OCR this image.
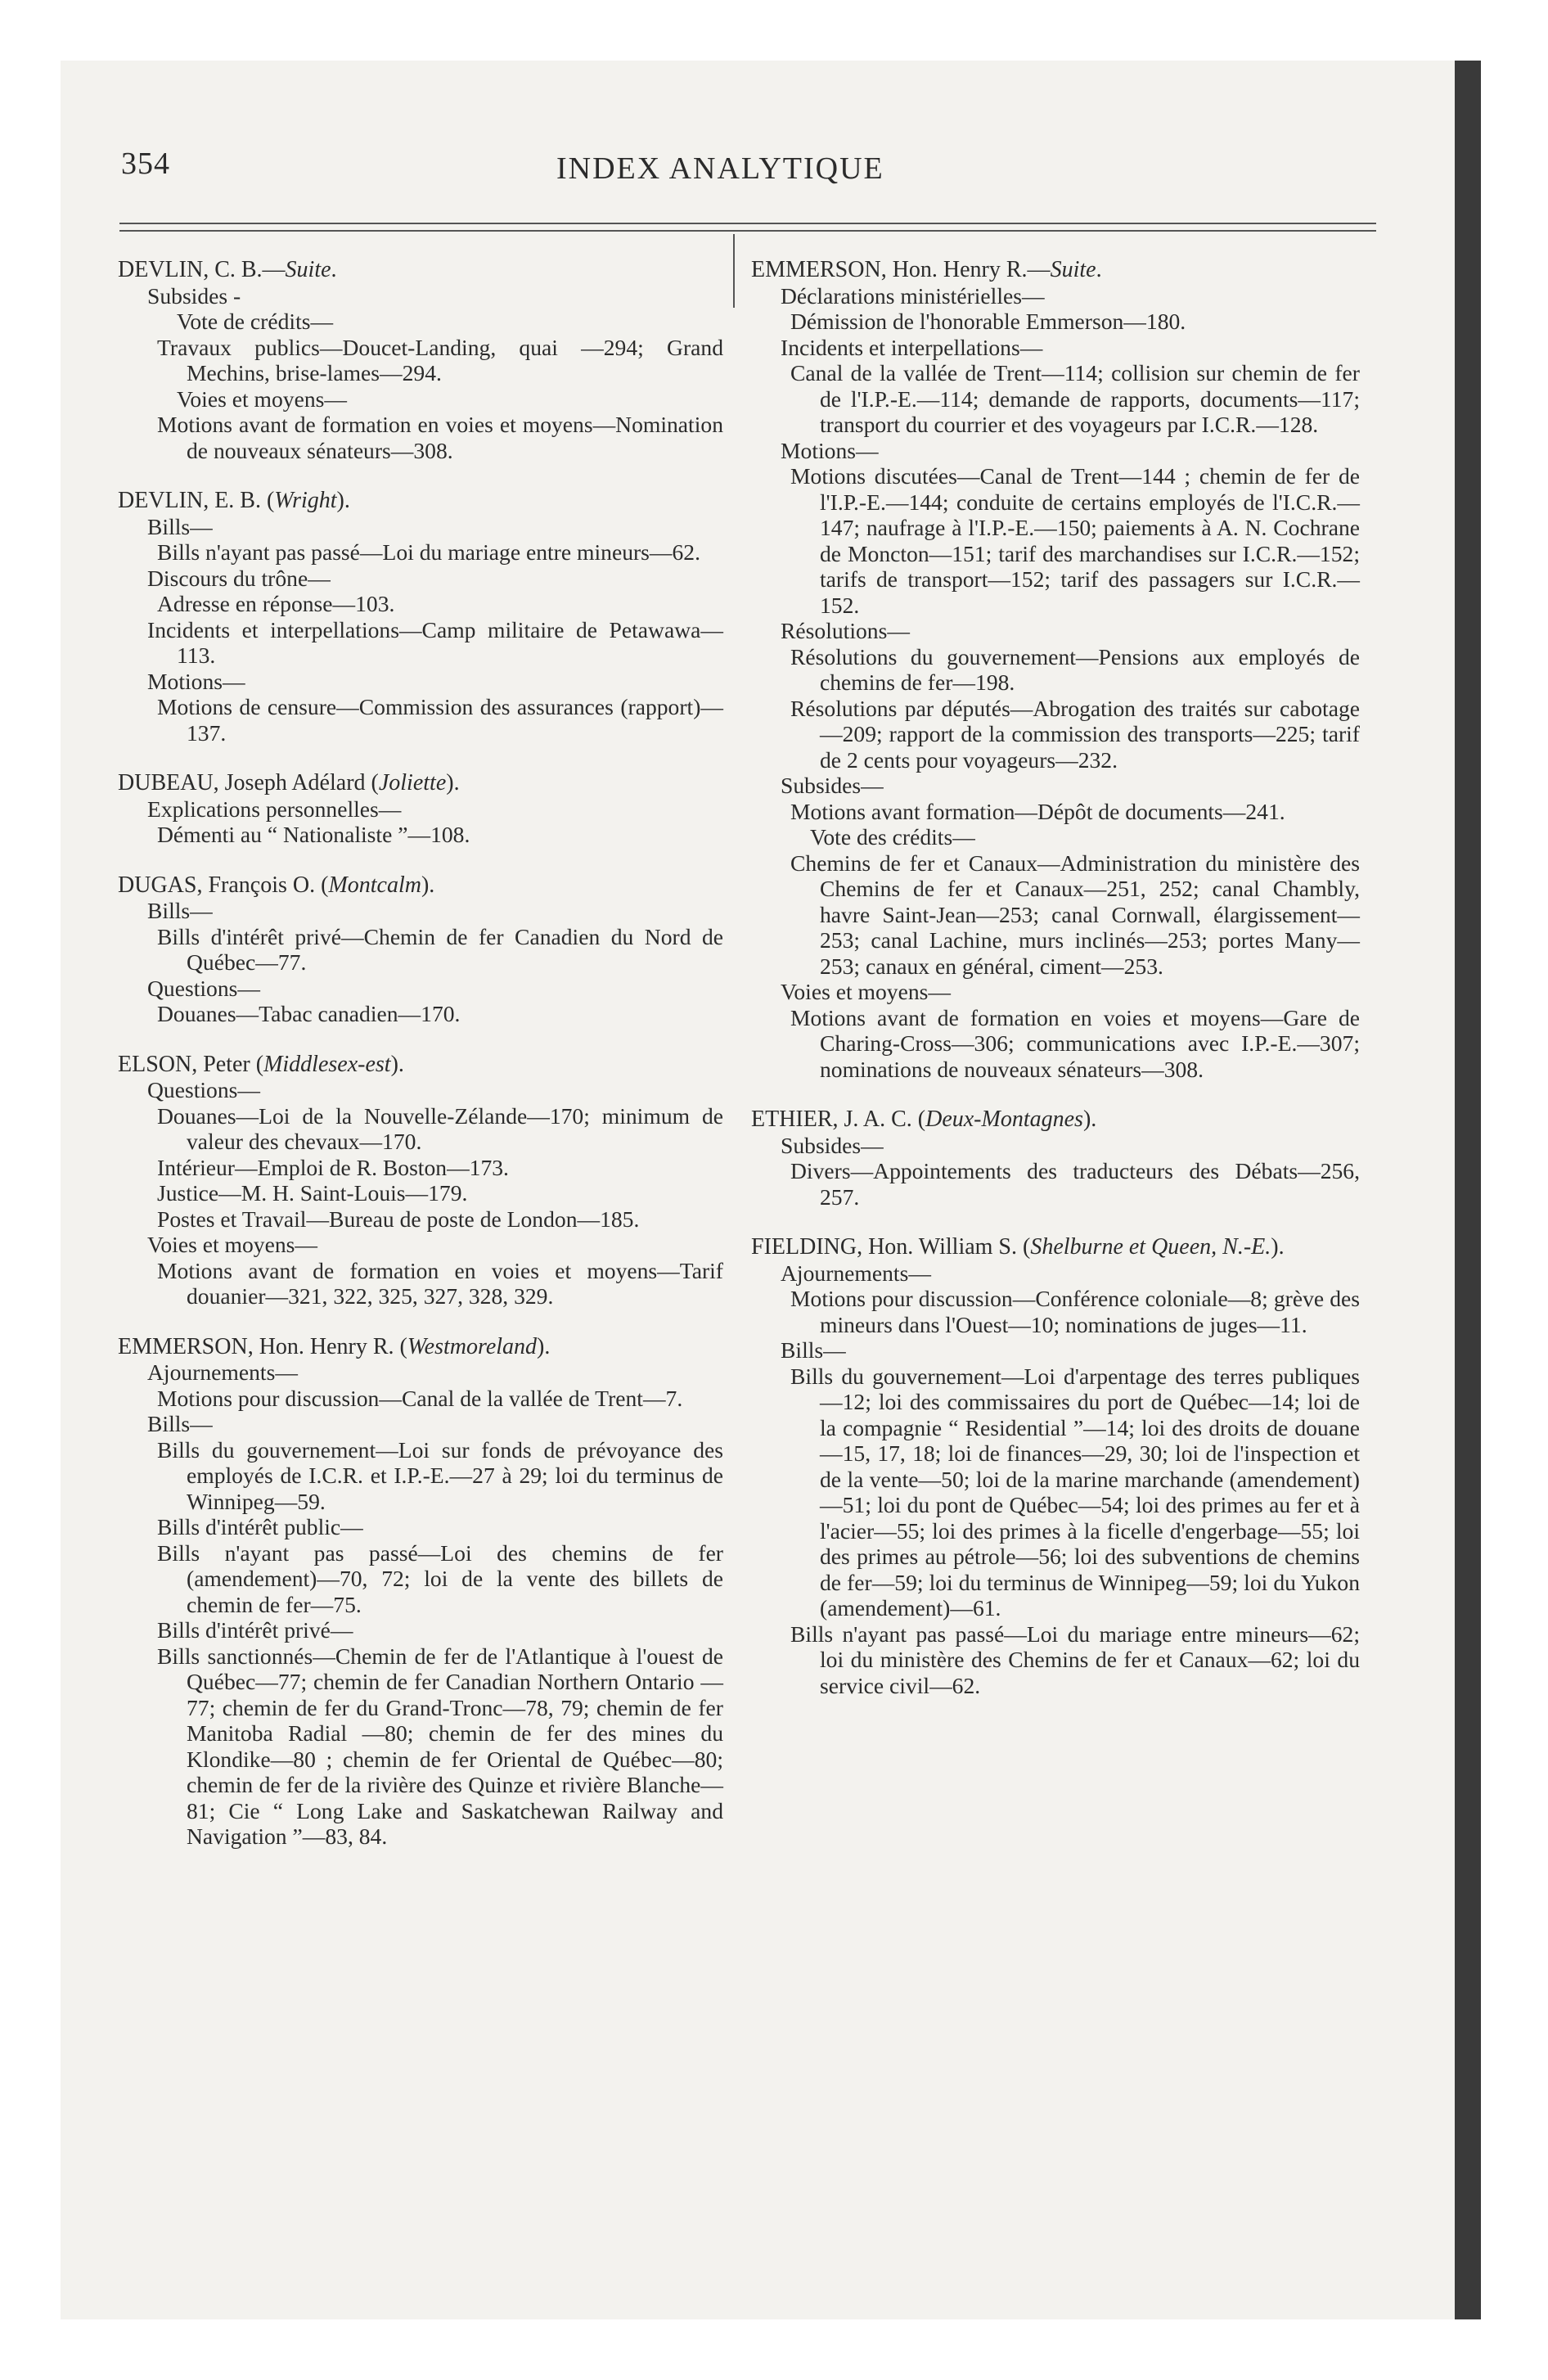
354	INDEX ANALYTIQUE
DEVLIN, C. B.—Suite.
Subsides -
Vote de crédits—
Travaux publics—Doucet-Landing, quai —294; Grand Mechins, brise-lames—294.
Voies et moyens—
Motions avant de formation en voies et moyens—Nomination de nouveaux sénateurs—308.
DEVLIN, E. B. (Wright).
Bills—
Bills n'ayant pas passé—Loi du mariage entre mineurs—62.
Discours du trône—
Adresse en réponse—103.
Incidents et interpellations—Camp militaire de Petawawa—113.
Motions—
Motions de censure—Commission des assurances (rapport)—137.
DUBEAU, Joseph Adélard (Joliette).
Explications personnelles—
Démenti au “ Nationaliste ”—108.
DUGAS, François O. (Montcalm).
Bills—
Bills d'intérêt privé—Chemin de fer Canadien du Nord de Québec—77.
Questions—
Douanes—Tabac canadien—170.
ELSON, Peter (Middlesex-est).
Questions—
Douanes—Loi de la Nouvelle-Zélande—170; minimum de valeur des chevaux—170.
Intérieur—Emploi de R. Boston—173.
Justice—M. H. Saint-Louis—179.
Postes et Travail—Bureau de poste de London—185.
Voies et moyens—
Motions avant de formation en voies et moyens—Tarif douanier—321, 322, 325, 327, 328, 329.
EMMERSON, Hon. Henry R. (Westmoreland).
Ajournements—
Motions pour discussion—Canal de la vallée de Trent—7.
Bills—
Bills du gouvernement—Loi sur fonds de prévoyance des employés de I.C.R. et I.P.-E.—27 à 29; loi du terminus de Winnipeg—59.
Bills d'intérêt public—
Bills n'ayant pas passé—Loi des chemins de fer (amendement)—70, 72; loi de la vente des billets de chemin de fer—75.
Bills d'intérêt privé—
Bills sanctionnés—Chemin de fer de l'Atlantique à l'ouest de Québec—77; chemin de fer Canadian Northern Ontario —77; chemin de fer du Grand-Tronc—78, 79; chemin de fer Manitoba Radial —80; chemin de fer des mines du Klondike—80 ; chemin de fer Oriental de Québec—80; chemin de fer de la rivière des Quinze et rivière Blanche—81; Cie “ Long Lake and Saskatchewan Railway and Navigation ”—83, 84.
EMMERSON, Hon. Henry R.—Suite.
Déclarations ministérielles—
Démission de l'honorable Emmerson—180.
Incidents et interpellations—
Canal de la vallée de Trent—114; collision sur chemin de fer de l'I.P.-E.—114; demande de rapports, documents—117; transport du courrier et des voyageurs par I.C.R.—128.
Motions—
Motions discutées—Canal de Trent—144 ; chemin de fer de l'I.P.-E.—144; conduite de certains employés de l'I.C.R.—147; naufrage à l'I.P.-E.—150; paiements à A. N. Cochrane de Moncton—151; tarif des marchandises sur I.C.R.—152; tarifs de transport—152; tarif des passagers sur I.C.R.—152.
Résolutions—
Résolutions du gouvernement—Pensions aux employés de chemins de fer—198.
Résolutions par députés—Abrogation des traités sur cabotage—209; rapport de la commission des transports—225; tarif de 2 cents pour voyageurs—232.
Subsides—
Motions avant formation—Dépôt de documents—241.
Vote des crédits—
Chemins de fer et Canaux—Administration du ministère des Chemins de fer et Canaux—251, 252; canal Chambly, havre Saint-Jean—253; canal Cornwall, élargissement—253; canal Lachine, murs inclinés—253; portes Many—253; canaux en général, ciment—253.
Voies et moyens—
Motions avant de formation en voies et moyens—Gare de Charing-Cross—306; communications avec I.P.-E.—307; nominations de nouveaux sénateurs—308.
ETHIER, J. A. C. (Deux-Montagnes).
Subsides—
Divers—Appointements des traducteurs des Débats—256, 257.
FIELDING, Hon. William S. (Shelburne et Queen, N.-E.).
Ajournements—
Motions pour discussion—Conférence coloniale—8; grève des mineurs dans l'Ouest—10; nominations de juges—11.
Bills—
Bills du gouvernement—Loi d'arpentage des terres publiques—12; loi des commissaires du port de Québec—14; loi de la compagnie “ Residential ”—14; loi des droits de douane—15, 17, 18; loi de finances—29, 30; loi de l'inspection et de la vente—50; loi de la marine marchande (amendement)—51; loi du pont de Québec—54; loi des primes au fer et à l'acier—55; loi des primes à la ficelle d'engerbage—55; loi des primes au pétrole—56; loi des subventions de chemins de fer—59; loi du terminus de Winnipeg—59; loi du Yukon (amendement)—61.
Bills n'ayant pas passé—Loi du mariage entre mineurs—62; loi du ministère des Chemins de fer et Canaux—62; loi du service civil—62.
